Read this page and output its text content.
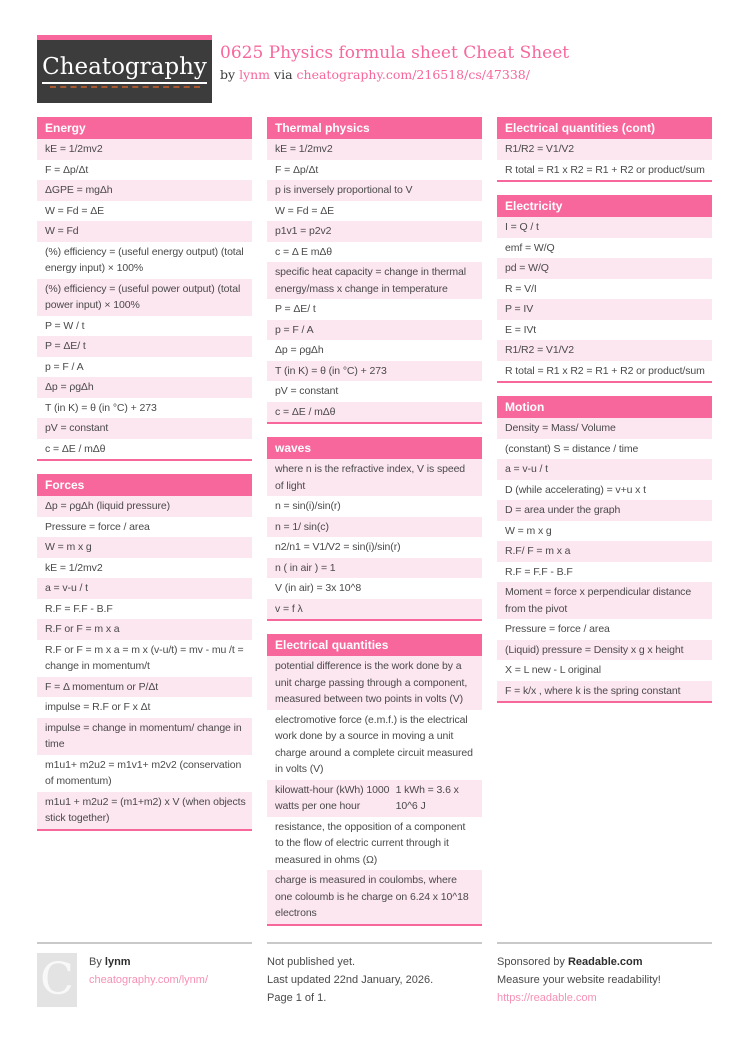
Cheatography
0625 Physics formula sheet Cheat Sheet
by lynm via cheatography.com/216518/cs/47338/
Energy
kE = 1/2mv2
F = Δp/Δt
ΔGPE = mgΔh
W = Fd = ΔE
W = Fd
(%) efficiency = (useful energy output) (total energy input) × 100%
(%) efficiency = (useful power output) (total power input) × 100%
P = W / t
P = ΔE/ t
p = F / A
Δp = ρgΔh
T (in K) = θ (in °C) + 273
pV = constant
c = ΔE / mΔθ
Forces
Δp = ρgΔh (liquid pressure)
Pressure = force / area
W = m x g
kE = 1/2mv2
a = v-u / t
R.F = F.F - B.F
R.F or F = m x a
R.F or F = m x a = m x (v-u/t) = mv - mu /t = change in momentum/t
F = Δ momentum or P/Δt
impulse = R.F or F x Δt
impulse = change in momentum/ change in time
m1u1+ m2u2 = m1v1+ m2v2 (conservation of momentum)
m1u1 + m2u2 = (m1+m2) x V (when objects stick together)
Thermal physics
kE = 1/2mv2
F = Δp/Δt
p is inversely proportional to V
W = Fd = ΔE
p1v1 = p2v2
c = Δ E mΔθ
specific heat capacity = change in thermal energy/mass x change in temperature
P = ΔE/ t
p = F / A
Δp = ρgΔh
T (in K) = θ (in °C) + 273
pV = constant
c = ΔE / mΔθ
waves
where n is the refractive index, V is speed of light
n = sin(i)/sin(r)
n = 1/ sin(c)
n2/n1 = V1/V2 = sin(i)/sin(r)
n ( in air ) = 1
V (in air) = 3x 10^8
v = f λ
Electrical quantities
potential difference is the work done by a unit charge passing through a component, measured between two points in volts (V)
electromotive force (e.m.f.) is the electrical work done by a source in moving a unit charge around a complete circuit measured in volts (V)
kilowatt-hour (kWh) 1000 watts per one hour
1 kWh = 3.6 x 10^6 J
resistance, the opposition of a component to the flow of electric current through it measured in ohms (Ω)
charge is measured in coulombs, where one coloumb is he charge on 6.24 x 10^18 electrons
Electrical quantities (cont)
R1/R2 = V1/V2
R total = R1 x R2 = R1 + R2 or product/sum
Electricity
I = Q / t
emf = W/Q
pd = W/Q
R = V/I
P = IV
E = IVt
R1/R2 = V1/V2
R total = R1 x R2 = R1 + R2 or product/sum
Motion
Density = Mass/ Volume
(constant) S = distance / time
a = v-u / t
D (while accelerating) = v+u x t
D = area under the graph
W = m x g
R.F/ F = m x a
R.F = F.F - B.F
Moment = force x perpendicular distance from the pivot
Pressure = force / area
(Liquid) pressure = Density x g x height
X = L new - L original
F = k/x , where k is the spring constant
C By lynm
cheatography.com/lynm/
Not published yet.
Last updated 22nd January, 2026.
Page 1 of 1.
Sponsored by Readable.com
Measure your website readability!
https://readable.com
